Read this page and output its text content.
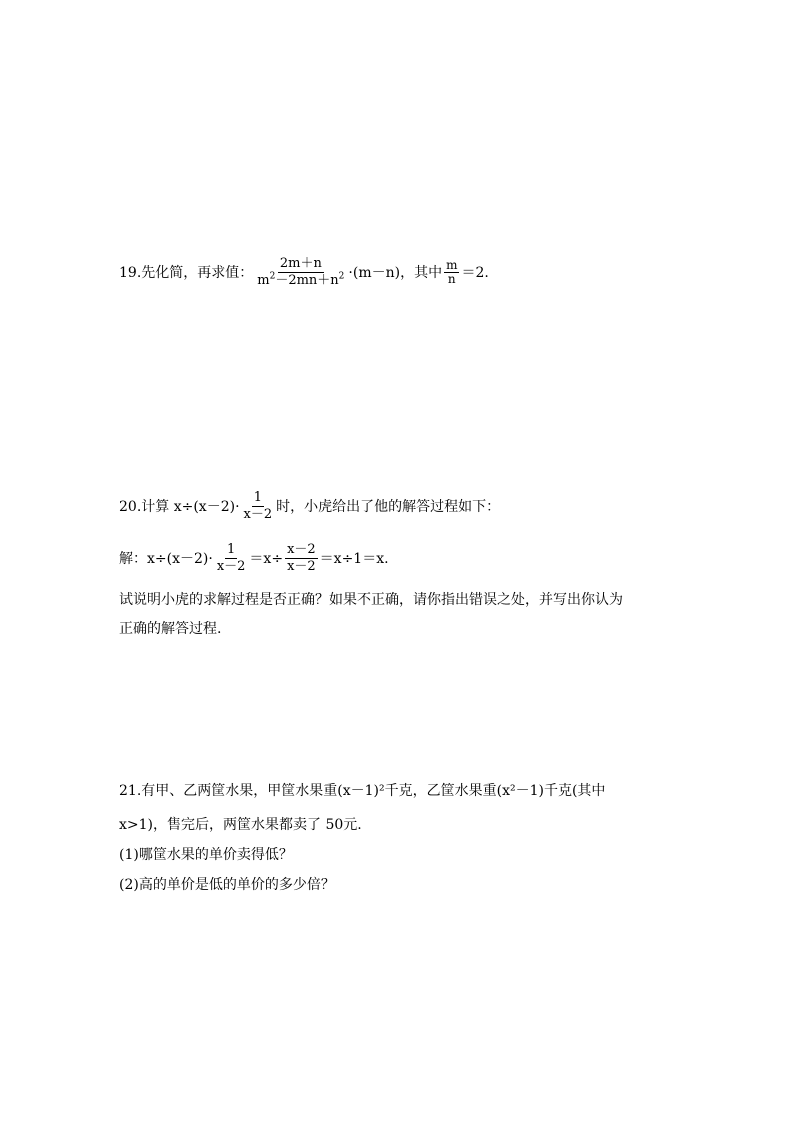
19.先化简，再求值： $\frac{2m+n}{m^2-2mn+n^2} \cdot(m-n)$，其中 $\frac{m}{n} =2$.
20.计算 $x\div(x-2)\cdot \frac{1}{x-2}$ 时，小虎给出了他的解答过程如下：
解：$x\div(x-2)\cdot \frac{1}{x-2} =x\div \frac{x-2}{x-2} =x\div 1=x$.
试说明小虎的求解过程是否正确？如果不正确，请你指出错误之处，并写出你认为
正确的解答过程.
21.有甲、乙两筐水果，甲筐水果重(x－1)²千克，乙筐水果重(x²－1)千克(其中
x>1)，售完后，两筐水果都卖了 50元.
(1)哪筐水果的单价卖得低？
(2)高的单价是低的单价的多少倍？
